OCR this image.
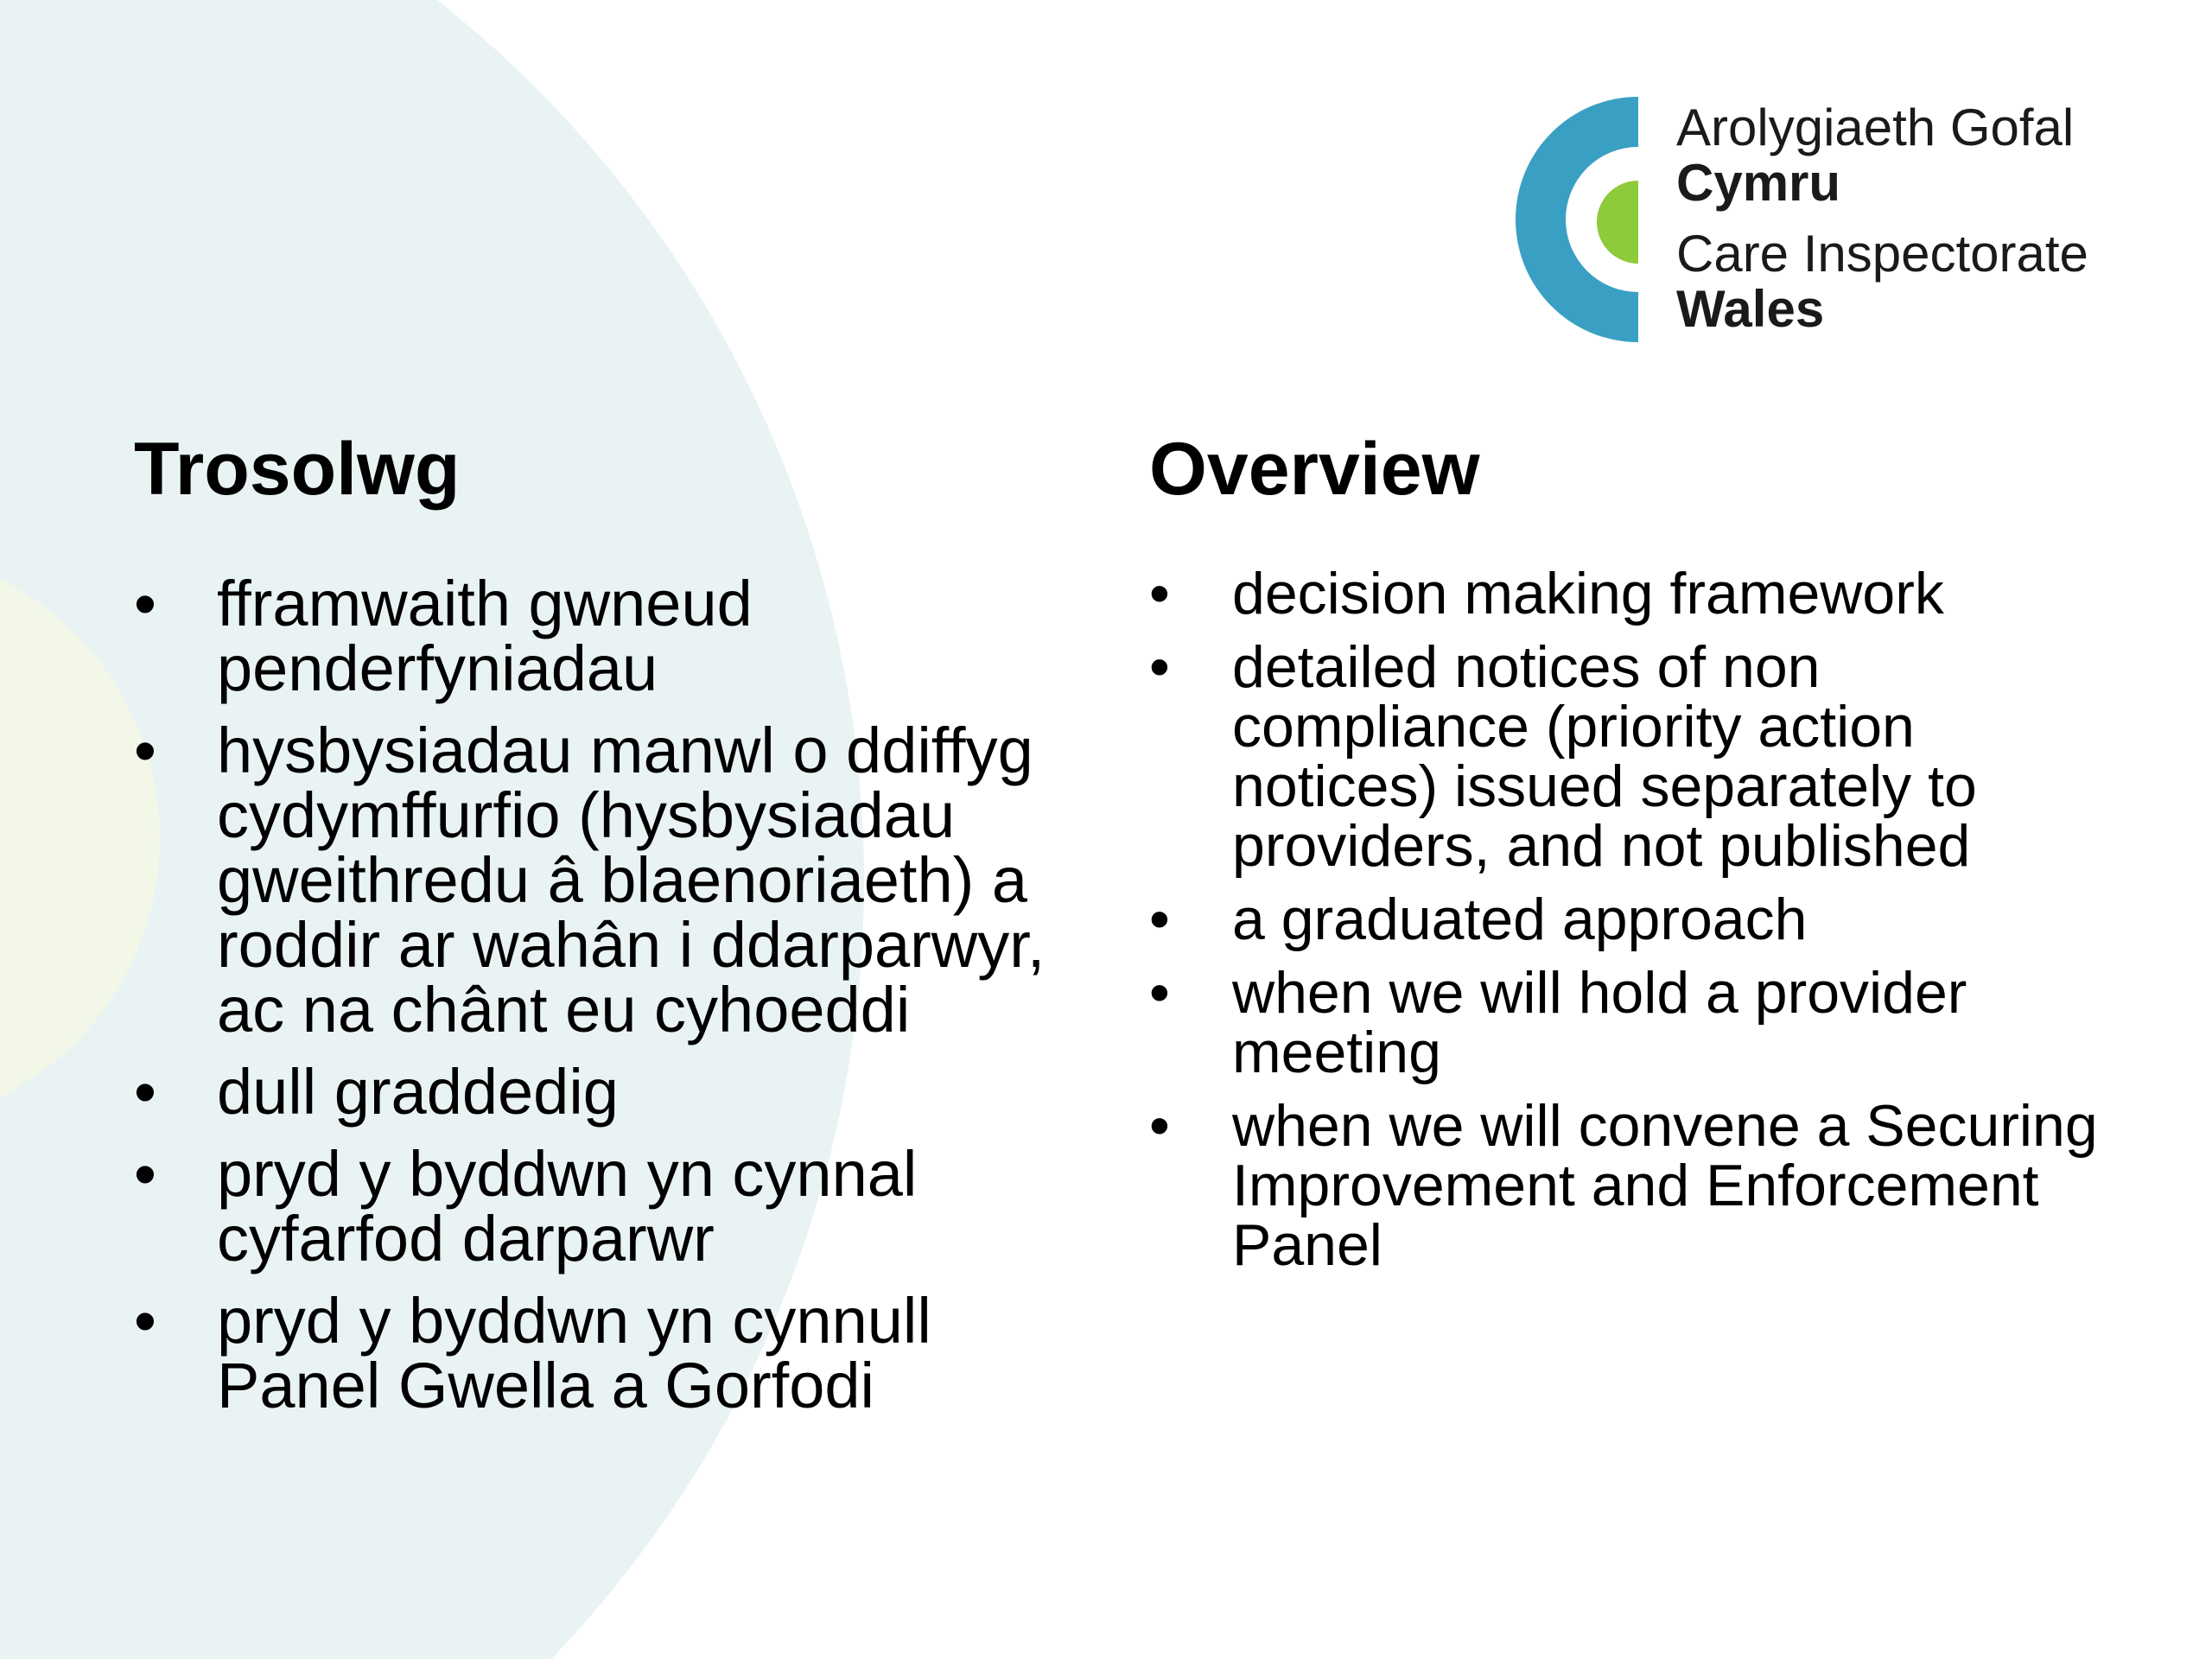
Arolygiaeth Gofal
Cymru
Care Inspectorate
Wales
Trosolwg
• fframwaith gwneud penderfyniadau
• hysbysiadau manwl o ddiffyg cydymffurfio (hysbysiadau gweithredu â blaenoriaeth) a roddir ar wahân i ddarparwyr, ac na chânt eu cyhoeddi
• dull graddedig
• pryd y byddwn yn cynnal cyfarfod darparwr
• pryd y byddwn yn cynnull Panel Gwella a Gorfodi
Overview
• decision making framework
• detailed notices of non compliance (priority action notices) issued separately to providers, and not published
• a graduated approach
• when we will hold a provider meeting
• when we will convene a Securing Improvement and Enforcement Panel
